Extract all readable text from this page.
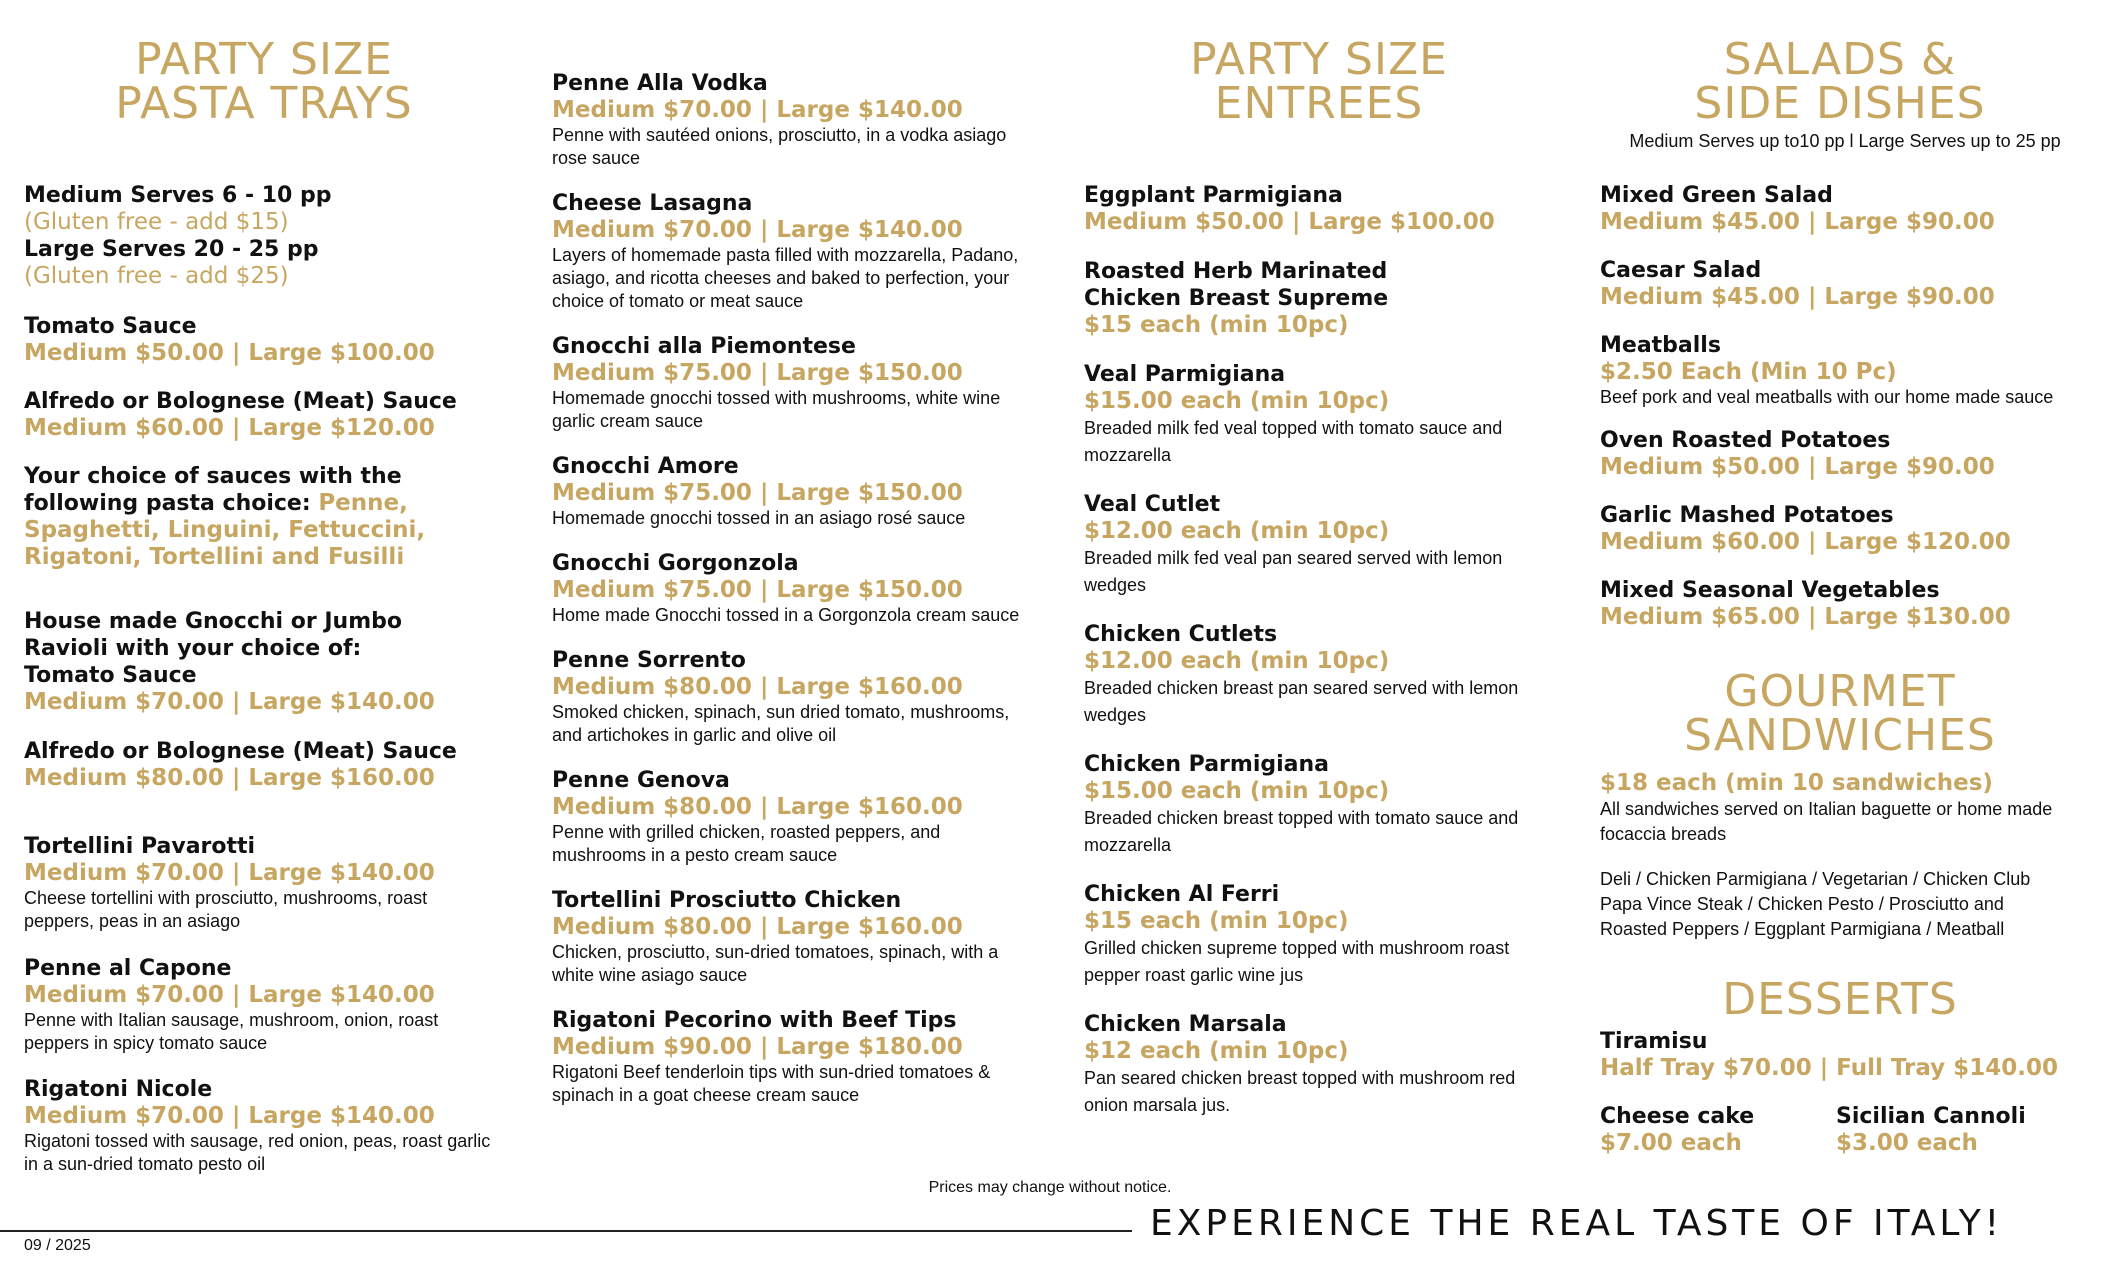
PARTY SIZE
PASTA TRAYS
Medium Serves 6 - 10 pp
(Gluten free - add $15)
Large Serves 20 - 25 pp
(Gluten free - add $25)
Tomato Sauce
Medium $50.00 | Large $100.00
Alfredo or Bolognese (Meat) Sauce
Medium $60.00 | Large $120.00
Your choice of sauces with the following pasta choice: Penne, Spaghetti, Linguini, Fettuccini, Rigatoni, Tortellini and Fusilli
House made Gnocchi or Jumbo
Ravioli with your choice of:
Tomato Sauce
Medium $70.00 | Large $140.00
Alfredo or Bolognese (Meat) Sauce
Medium $80.00 | Large $160.00
Tortellini Pavarotti
Medium $70.00 | Large $140.00
Cheese tortellini with prosciutto, mushrooms, roast peppers, peas in an asiago
Penne al Capone
Medium $70.00 | Large $140.00
Penne with Italian sausage, mushroom, onion, roast peppers in spicy tomato sauce
Rigatoni Nicole
Medium $70.00 | Large $140.00
Rigatoni tossed with sausage, red onion, peas, roast garlic in a sun-dried tomato pesto oil
Penne Alla Vodka
Medium $70.00 | Large $140.00
Penne with sautéed onions, prosciutto, in a vodka asiago rose sauce
Cheese Lasagna
Medium $70.00 | Large $140.00
Layers of homemade pasta filled with mozzarella, Padano, asiago, and ricotta cheeses and baked to perfection, your choice of tomato or meat sauce
Gnocchi alla Piemontese
Medium $75.00 | Large $150.00
Homemade gnocchi tossed with mushrooms, white wine garlic cream sauce
Gnocchi Amore
Medium $75.00 | Large $150.00
Homemade gnocchi tossed in an asiago rosé sauce
Gnocchi Gorgonzola
Medium $75.00 | Large $150.00
Home made Gnocchi tossed in a Gorgonzola cream sauce
Penne Sorrento
Medium $80.00 | Large $160.00
Smoked chicken, spinach, sun dried tomato, mushrooms, and artichokes in garlic and olive oil
Penne Genova
Medium $80.00 | Large $160.00
Penne with grilled chicken, roasted peppers, and mushrooms in a pesto cream sauce
Tortellini Prosciutto Chicken
Medium $80.00 | Large $160.00
Chicken, prosciutto, sun-dried tomatoes, spinach, with a white wine asiago sauce
Rigatoni Pecorino with Beef Tips
Medium $90.00 | Large $180.00
Rigatoni Beef tenderloin tips with sun-dried tomatoes & spinach in a goat cheese cream sauce
PARTY SIZE
ENTREES
Eggplant Parmigiana
Medium $50.00 | Large $100.00
Roasted Herb Marinated
Chicken Breast Supreme
$15 each (min 10pc)
Veal Parmigiana
$15.00 each (min 10pc)
Breaded milk fed veal topped with tomato sauce and mozzarella
Veal Cutlet
$12.00 each (min 10pc)
Breaded milk fed veal pan seared served with lemon wedges
Chicken Cutlets
$12.00 each (min 10pc)
Breaded chicken breast pan seared served with lemon wedges
Chicken Parmigiana
$15.00 each (min 10pc)
Breaded chicken breast topped with tomato sauce and mozzarella
Chicken Al Ferri
$15 each (min 10pc)
Grilled chicken supreme topped with mushroom roast pepper roast garlic wine jus
Chicken Marsala
$12 each (min 10pc)
Pan seared chicken breast topped with mushroom red onion marsala jus.
SALADS &
SIDE DISHES
Medium Serves up to10 pp l Large Serves up to 25 pp
Mixed Green Salad
Medium $45.00 | Large $90.00
Caesar Salad
Medium $45.00 | Large $90.00
Meatballs
$2.50 Each (Min 10 Pc)
Beef pork and veal meatballs with our home made sauce
Oven Roasted Potatoes
Medium $50.00 | Large $90.00
Garlic Mashed Potatoes
Medium $60.00 | Large $120.00
Mixed Seasonal Vegetables
Medium $65.00 | Large $130.00
GOURMET
SANDWICHES
$18 each (min 10 sandwiches)
All sandwiches served on Italian baguette or home made focaccia breads
Deli / Chicken Parmigiana / Vegetarian / Chicken Club Papa Vince Steak / Chicken Pesto / Prosciutto and Roasted Peppers / Eggplant Parmigiana / Meatball
DESSERTS
Tiramisu
Half Tray $70.00 | Full Tray $140.00
Cheese cake
$7.00 each
Sicilian Cannoli
$3.00 each
Prices may change without notice.
09 / 2025
EXPERIENCE THE REAL TASTE OF ITALY!
